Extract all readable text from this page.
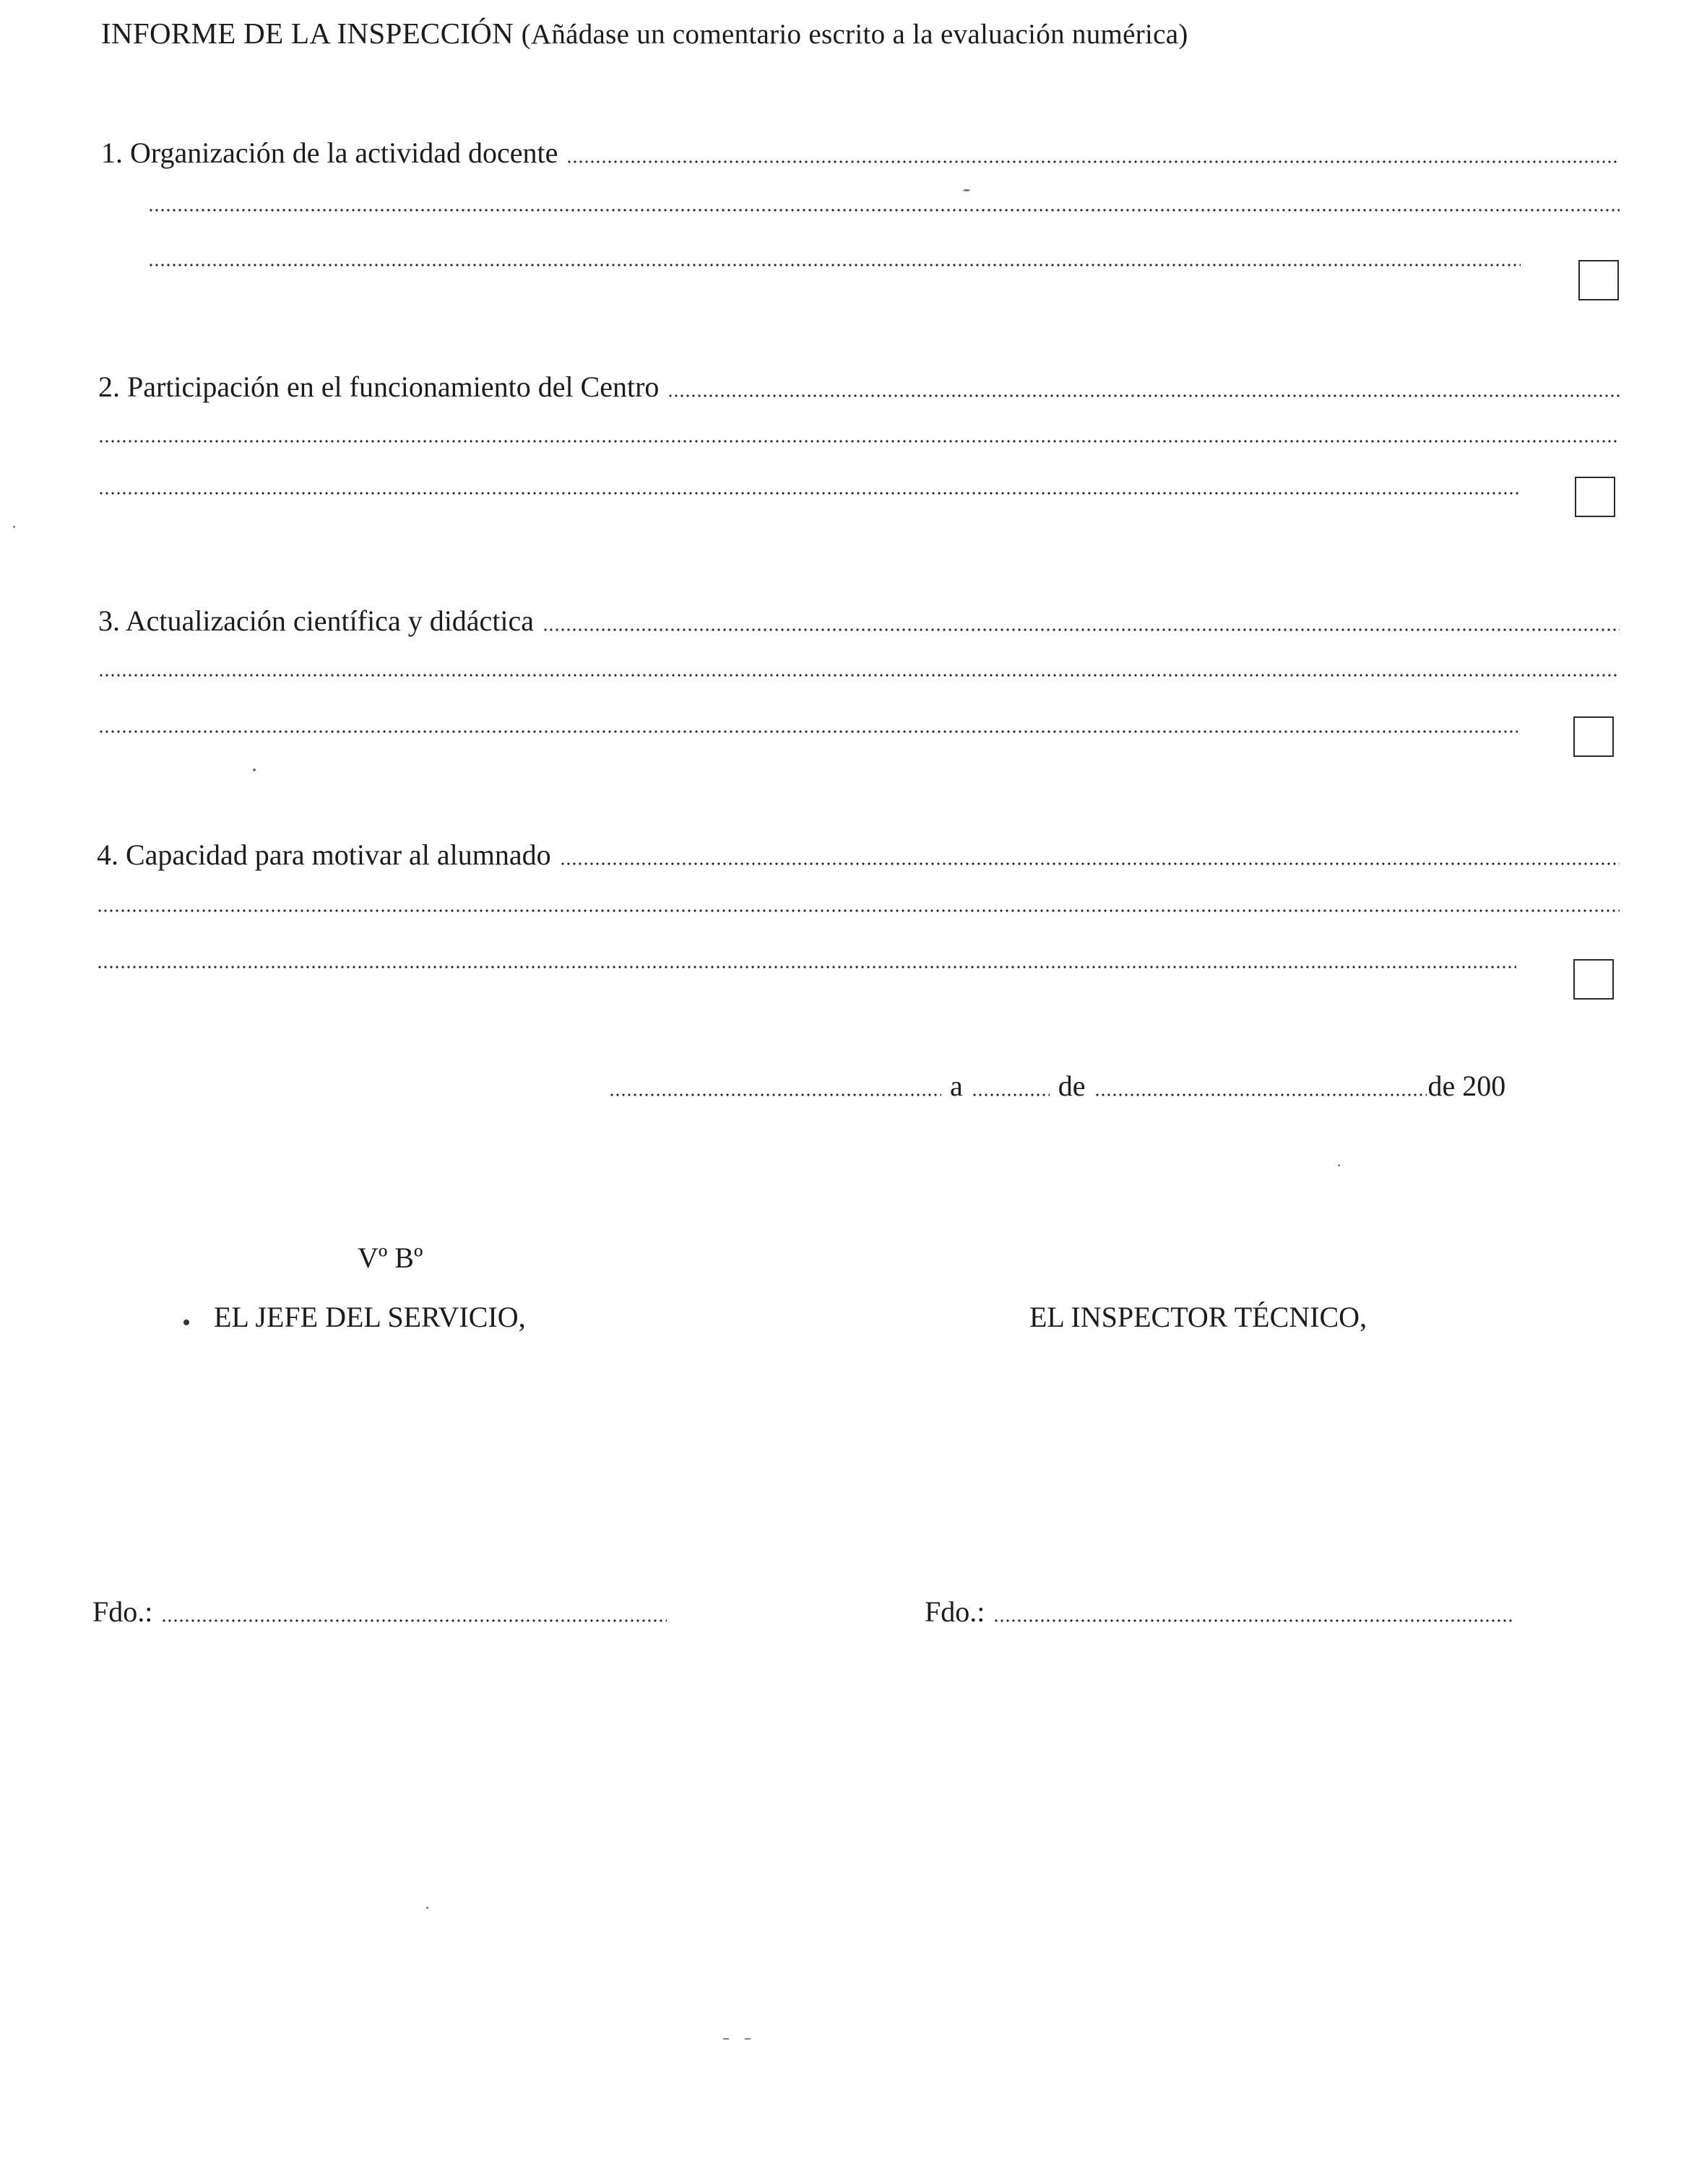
INFORME DE LA INSPECCIÓN (Añádase un comentario escrito a la evaluación numérica)
1. Organización de la actividad docente
2. Participación en el funcionamiento del Centro
3. Actualización científica y didáctica
4. Capacidad para motivar al alumnado
a	de	de 200
Vº Bº
EL JEFE DEL SERVICIO,	EL INSPECTOR TÉCNICO,
Fdo.:	Fdo.:
